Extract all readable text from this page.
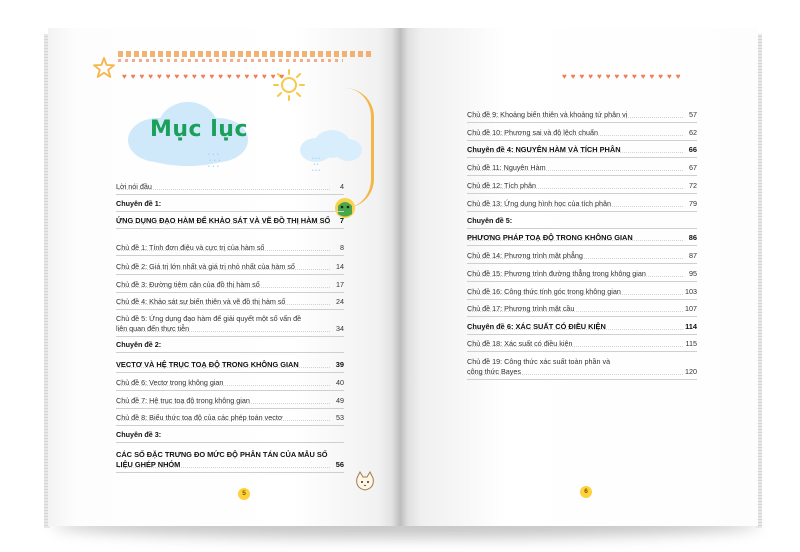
Mục lục
•  •  •
•  •  •
•  •  •
• • •
• •
• • •
♥♥♥♥♥♥♥♥♥♥♥♥♥♥
♥♥♥♥♥♥♥♥♥♥♥♥♥♥♥♥♥♥♥
Lời nói đầu	4
Chuyên đề 1:
ỨNG DỤNG ĐẠO HÀM ĐỂ KHẢO SÁT VÀ VẼ ĐỒ THỊ HÀM SỐ 7
Chủ đề 1: Tính đơn điệu và cực trị của hàm số	8
Chủ đề 2: Giá trị lớn nhất và giá trị nhỏ nhất của hàm số	14
Chủ đề 3: Đường tiệm cận của đồ thị hàm số	17
Chủ đề 4: Khảo sát sự biến thiên và vẽ đồ thị hàm số	24
Chủ đề 5: Ứng dụng đạo hàm để giải quyết một số vấn đề
liên quan đến thực tiễn	34
Chuyên đề 2:
VECTƠ VÀ HỆ TRỤC TOẠ ĐỘ TRONG KHÔNG GIAN	39
Chủ đề 6: Vectơ trong không gian	40
Chủ đề 7: Hệ trục toạ độ trong không gian	49
Chủ đề 8: Biểu thức toạ độ của các phép toán vectơ	53
Chuyên đề 3:
CÁC SỐ ĐẶC TRƯNG ĐO MỨC ĐỘ PHÂN TÁN CỦA MẪU SỐ
LIỆU GHÉP NHÓM	56
Chủ đề 9: Khoảng biến thiên và khoảng tứ phân vị	57
Chủ đề 10: Phương sai và độ lệch chuẩn	62
Chuyên đề 4: NGUYÊN HÀM VÀ TÍCH PHÂN	66
Chủ đề 11: Nguyên Hàm	67
Chủ đề 12: Tích phân	72
Chủ đề 13: Ứng dụng hình học của tích phân	79
Chuyên đề 5:
PHƯƠNG PHÁP TOẠ ĐỘ TRONG KHÔNG GIAN	86
Chủ đề 14: Phương trình mặt phẳng	87
Chủ đề 15: Phương trình đường thẳng trong không gian	95
Chủ đề 16: Công thức tính góc trong không gian	103
Chủ đề 17: Phương trình mặt cầu	107
Chuyên đề 6: XÁC SUẤT CÓ ĐIỀU KIỆN	114
Chủ đề 18: Xác suất có điều kiện	115
Chủ đề 19: Công thức xác suất toàn phần và
công thức Bayes	120
5	6
